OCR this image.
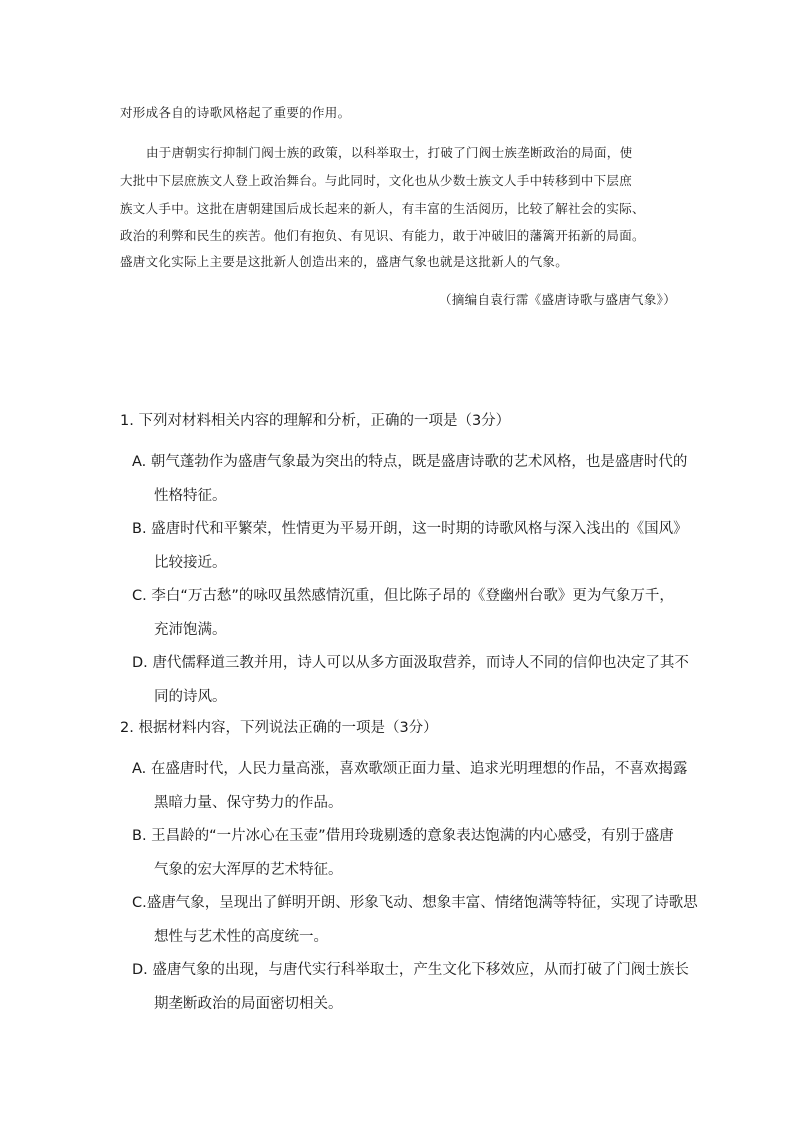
对形成各自的诗歌风格起了重要的作用。
由于唐朝实行抑制门阀士族的政策，以科举取士，打破了门阀士族垄断政治的局面，使
大批中下层庶族文人登上政治舞台。与此同时，文化也从少数士族文人手中转移到中下层庶
族文人手中。这批在唐朝建国后成长起来的新人，有丰富的生活阅历，比较了解社会的实际、
政治的利弊和民生的疾苦。他们有抱负、有见识、有能力，敢于冲破旧的藩篱开拓新的局面。
盛唐文化实际上主要是这批新人创造出来的，盛唐气象也就是这批新人的气象。
（摘编自袁行霈《盛唐诗歌与盛唐气象》）
1. 下列对材料相关内容的理解和分析，正确的一项是（3分）
A. 朝气蓬勃作为盛唐气象最为突出的特点，既是盛唐诗歌的艺术风格，也是盛唐时代的
性格特征。
B. 盛唐时代和平繁荣，性情更为平易开朗，这一时期的诗歌风格与深入浅出的《国风》
比较接近。
C. 李白“万古愁”的咏叹虽然感情沉重，但比陈子昂的《登幽州台歌》更为气象万千，
充沛饱满。
D. 唐代儒释道三教并用，诗人可以从多方面汲取营养，而诗人不同的信仰也决定了其不
同的诗风。
2. 根据材料内容，下列说法正确的一项是（3分）
A. 在盛唐时代，人民力量高涨，喜欢歌颂正面力量、追求光明理想的作品，不喜欢揭露
黑暗力量、保守势力的作品。
B. 王昌龄的“一片冰心在玉壶”借用玲珑剔透的意象表达饱满的内心感受，有别于盛唐
气象的宏大浑厚的艺术特征。
C.盛唐气象，呈现出了鲜明开朗、形象飞动、想象丰富、情绪饱满等特征，实现了诗歌思
想性与艺术性的高度统一。
D. 盛唐气象的出现，与唐代实行科举取士，产生文化下移效应，从而打破了门阀士族长
期垄断政治的局面密切相关。
